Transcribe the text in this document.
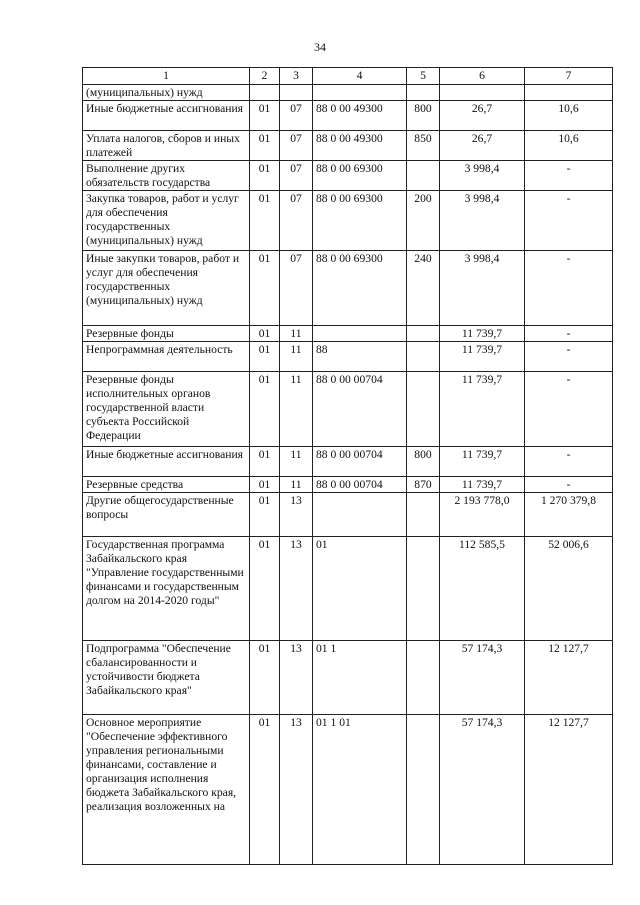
34
1	2	3	4	5	6	7
(муниципальных) нужд						
Иные бюджетные ассигнования	01	07	88 0 00 49300	800	26,7	10,6
Уплата налогов, сборов и иных платежей	01	07	88 0 00 49300	850	26,7	10,6
Выполнение других обязательств государства	01	07	88 0 00 69300		3 998,4	-
Закупка товаров, работ и услуг для обеспечения государственных (муниципальных) нужд	01	07	88 0 00 69300	200	3 998,4	-
Иные закупки товаров, работ и услуг для обеспечения государственных (муниципальных) нужд	01	07	88 0 00 69300	240	3 998,4	-
Резервные фонды	01	11			11 739,7	-
Непрограммная деятельность	01	11	88		11 739,7	-
Резервные фонды исполнительных органов государственной власти субъекта Российской Федерации	01	11	88 0 00 00704		11 739,7	-
Иные бюджетные ассигнования	01	11	88 0 00 00704	800	11 739,7	-
Резервные средства	01	11	88 0 00 00704	870	11 739,7	-
Другие общегосударственные вопросы	01	13			2 193 778,0	1 270 379,8
Государственная программа Забайкальского края "Управление государственными финансами и государственным долгом на 2014-2020 годы"	01	13	01		112 585,5	52 006,6
Подпрограмма "Обеспечение сбалансированности и устойчивости бюджета Забайкальского края"	01	13	01 1		57 174,3	12 127,7
Основное мероприятие "Обеспечение эффективного управления региональными финансами, составление и организация исполнения бюджета Забайкальского края, реализация возложенных на	01	13	01 1 01		57 174,3	12 127,7
